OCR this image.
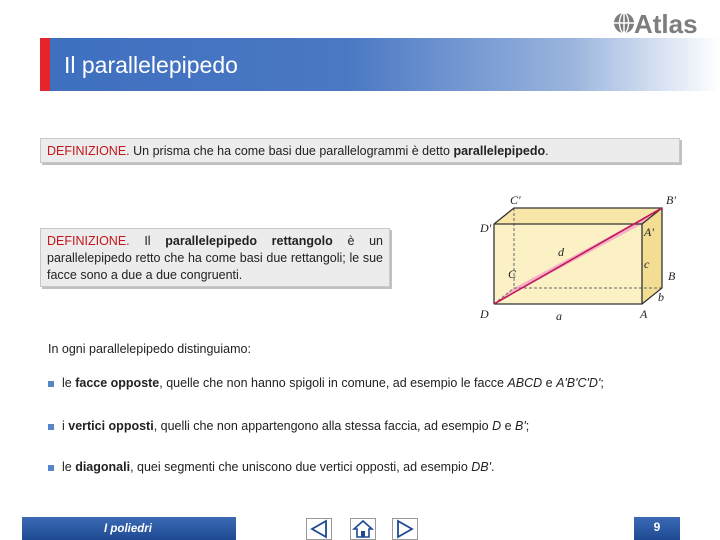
Atlas
Il parallelepipedo
DEFINIZIONE. Un prisma che ha come basi due parallelogrammi è detto parallelepipedo.
DEFINIZIONE. Il parallelepipedo rettangolo è un parallelepipedo retto che ha come basi due rettangoli; le sue facce sono a due a due congruenti.
C'	B'
D'	A'
C	B
D	A
d
c
b
a
In ogni parallelepipedo distinguiamo:
le facce opposte, quelle che non hanno spigoli in comune, ad esempio le facce ABCD e A'B'C'D';
i vertici opposti, quelli che non appartengono alla stessa faccia, ad esempio D e B';
le diagonali, quei segmenti che uniscono due vertici opposti, ad esempio DB'.
I poliedri	9
